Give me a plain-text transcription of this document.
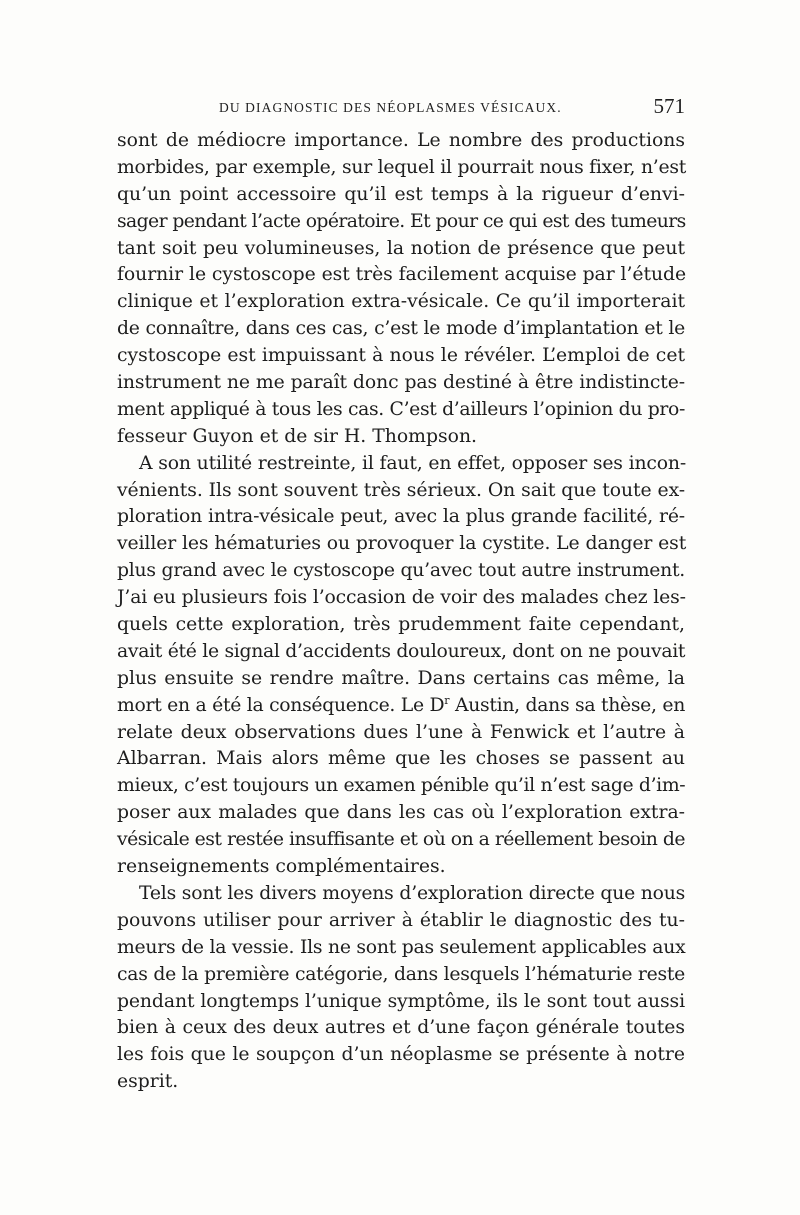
DU DIAGNOSTIC DES NÉOPLASMES VÉSICAUX.	571

sont de médiocre importance. Le nombre des productions
morbides, par exemple, sur lequel il pourrait nous fixer, n’est
qu’un point accessoire qu’il est temps à la rigueur d’envi-
sager pendant l’acte opératoire. Et pour ce qui est des tumeurs
tant soit peu volumineuses, la notion de présence que peut
fournir le cystoscope est très facilement acquise par l’étude
clinique et l’exploration extra-vésicale. Ce qu’il importerait
de connaître, dans ces cas, c’est le mode d’implantation et le
cystoscope est impuissant à nous le révéler. L’emploi de cet
instrument ne me paraît donc pas destiné à être indistincte-
ment appliqué à tous les cas. C’est d’ailleurs l’opinion du pro-
fesseur Guyon et de sir H. Thompson.

A son utilité restreinte, il faut, en effet, opposer ses incon-
vénients. Ils sont souvent très sérieux. On sait que toute ex-
ploration intra-vésicale peut, avec la plus grande facilité, ré-
veiller les hématuries ou provoquer la cystite. Le danger est
plus grand avec le cystoscope qu’avec tout autre instrument.
J’ai eu plusieurs fois l’occasion de voir des malades chez les-
quels cette exploration, très prudemment faite cependant,
avait été le signal d’accidents douloureux, dont on ne pouvait
plus ensuite se rendre maître. Dans certains cas même, la
mort en a été la conséquence. Le $D^r$ Austin, dans sa thèse, en
relate deux observations dues l’une à Fenwick et l’autre à
Albarran. Mais alors même que les choses se passent au
mieux, c’est toujours un examen pénible qu’il n’est sage d’im-
poser aux malades que dans les cas où l’exploration extra-
vésicale est restée insuffisante et où on a réellement besoin de
renseignements complémentaires.

Tels sont les divers moyens d’exploration directe que nous
pouvons utiliser pour arriver à établir le diagnostic des tu-
meurs de la vessie. Ils ne sont pas seulement applicables aux
cas de la première catégorie, dans lesquels l’hématurie reste
pendant longtemps l’unique symptôme, ils le sont tout aussi
bien à ceux des deux autres et d’une façon générale toutes
les fois que le soupçon d’un néoplasme se présente à notre
esprit.
